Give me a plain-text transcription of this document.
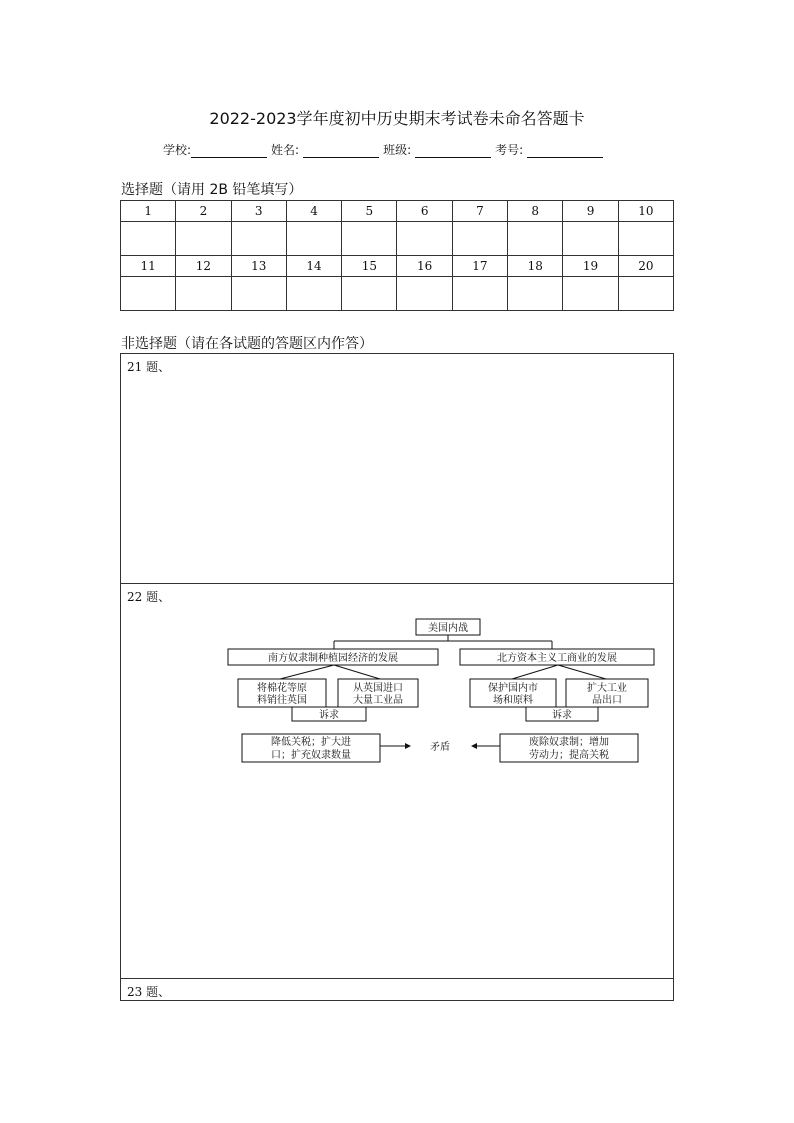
2022-2023学年度初中历史期末考试卷未命名答题卡
学校:	姓名:	班级:	考号:
选择题（请用 2B 铅笔填写）
1	2	3	4	5	6	7	8	9	10

11	12	13	14	15	16	17	18	19	20

非选择题（请在各试题的答题区内作答）
21 题、
22 题、
23 题、
美国内战
南方奴隶制种植园经济的发展	北方资本主义工商业的发展
将棉花等原
料销往英国
从英国进口
大量工业品
保护国内市
场和原料
扩大工业
品出口
诉求	诉求
降低关税；扩大进
口；扩充奴隶数量
废除奴隶制；增加
劳动力；提高关税
矛盾
